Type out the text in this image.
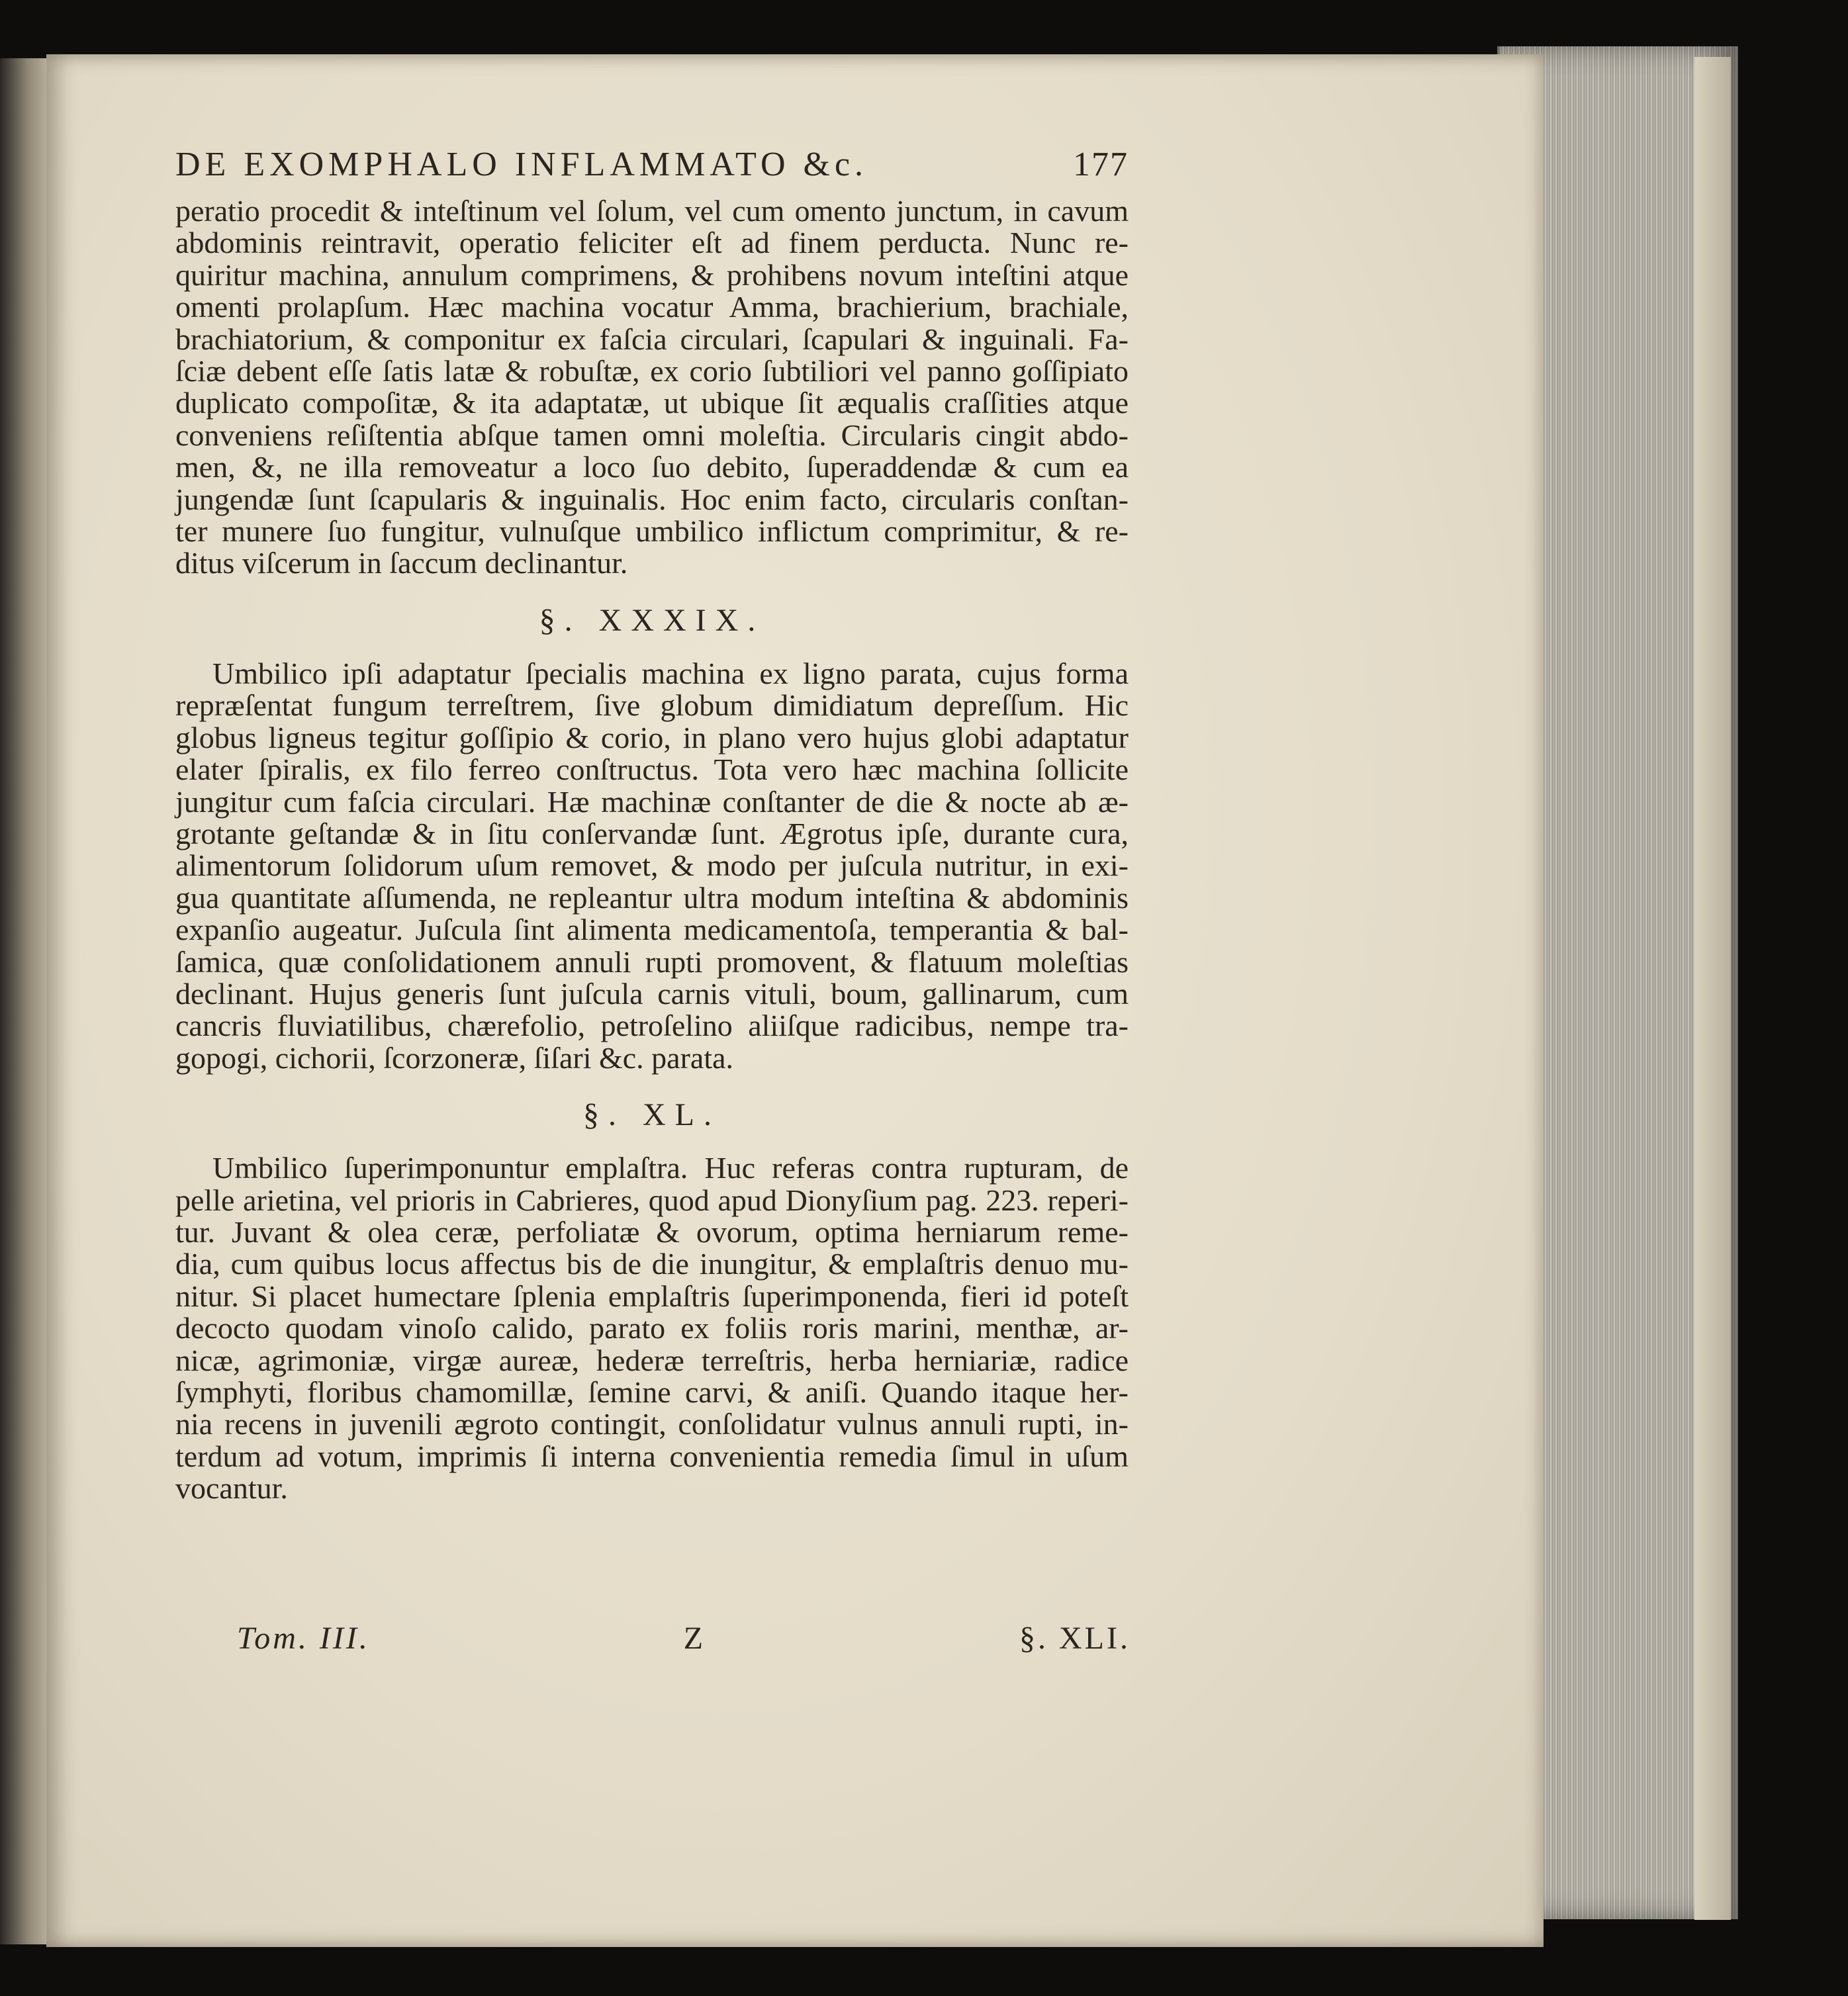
DE EXOMPHALO INFLAMMATO &c.	177

peratio procedit & inteſtinum vel ſolum, vel cum omento junctum, in cavum

abdominis reintravit, operatio feliciter eſt ad finem perducta. Nunc re-

quiritur machina, annulum comprimens, & prohibens novum inteſtini atque

omenti prolapſum. Hæc machina vocatur Amma, brachierium, brachiale,

brachiatorium, & componitur ex faſcia circulari, ſcapulari & inguinali. Fa-

ſciæ debent eſſe ſatis latæ & robuſtæ, ex corio ſubtiliori vel panno goſſipiato

duplicato compoſitæ, & ita adaptatæ, ut ubique ſit æqualis craſſities atque

conveniens reſiſtentia abſque tamen omni moleſtia. Circularis cingit abdo-

men, &, ne illa removeatur a loco ſuo debito, ſuperaddendæ & cum ea

jungendæ ſunt ſcapularis & inguinalis. Hoc enim facto, circularis conſtan-

ter munere ſuo fungitur, vulnuſque umbilico inflictum comprimitur, & re-

ditus viſcerum in ſaccum declinantur.

§. XXXIX.

Umbilico ipſi adaptatur ſpecialis machina ex ligno parata, cujus forma

repræſentat fungum terreſtrem, ſive globum dimidiatum depreſſum. Hic

globus ligneus tegitur goſſipio & corio, in plano vero hujus globi adaptatur

elater ſpiralis, ex filo ferreo conſtructus. Tota vero hæc machina ſollicite

jungitur cum faſcia circulari. Hæ machinæ conſtanter de die & nocte ab æ-

grotante geſtandæ & in ſitu conſervandæ ſunt. Ægrotus ipſe, durante cura,

alimentorum ſolidorum uſum removet, & modo per juſcula nutritur, in exi-

gua quantitate aſſumenda, ne repleantur ultra modum inteſtina & abdominis

expanſio augeatur. Juſcula ſint alimenta medicamentoſa, temperantia & bal-

ſamica, quæ conſolidationem annuli rupti promovent, & flatuum moleſtias

declinant. Hujus generis ſunt juſcula carnis vituli, boum, gallinarum, cum

cancris fluviatilibus, chærefolio, petroſelino aliiſque radicibus, nempe tra-

gopogi, cichorii, ſcorzoneræ, ſiſari &c. parata.

§. XL.

Umbilico ſuperimponuntur emplaſtra. Huc referas contra rupturam, de

pelle arietina, vel prioris in Cabrieres, quod apud Dionyſium pag. 223. reperi-

tur. Juvant & olea ceræ, perfoliatæ & ovorum, optima herniarum reme-

dia, cum quibus locus affectus bis de die inungitur, & emplaſtris denuo mu-

nitur. Si placet humectare ſplenia emplaſtris ſuperimponenda, fieri id poteſt

decocto quodam vinoſo calido, parato ex foliis roris marini, menthæ, ar-

nicæ, agrimoniæ, virgæ aureæ, hederæ terreſtris, herba herniariæ, radice

ſymphyti, floribus chamomillæ, ſemine carvi, & aniſi. Quando itaque her-

nia recens in juvenili ægroto contingit, conſolidatur vulnus annuli rupti, in-

terdum ad votum, imprimis ſi interna convenientia remedia ſimul in uſum

vocantur.

Tom. III.	Z	§. XLI.
